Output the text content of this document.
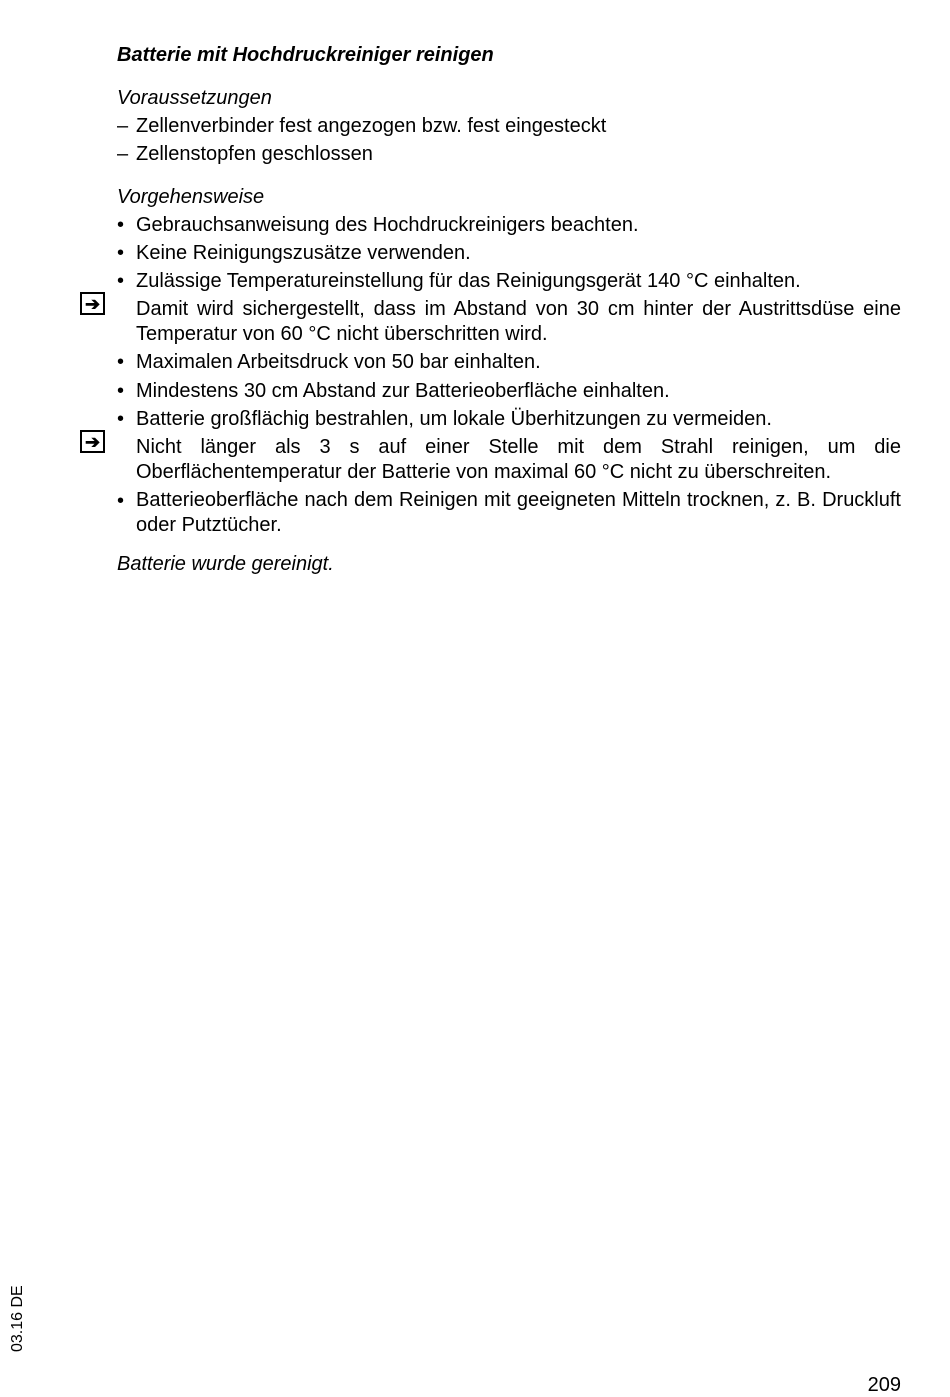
Batterie mit Hochdruckreiniger reinigen

Voraussetzungen

– Zellenverbinder fest angezogen bzw. fest eingesteckt
– Zellenstopfen geschlossen

Vorgehensweise

• Gebrauchsanweisung des Hochdruckreinigers beachten.
• Keine Reinigungszusätze verwenden.
• Zulässige Temperatureinstellung für das Reinigungsgerät 140 °C einhalten.
➔ Damit wird sichergestellt, dass im Abstand von 30 cm hinter der Austrittsdüse eine Temperatur von 60 °C nicht überschritten wird.
• Maximalen Arbeitsdruck von 50 bar einhalten.
• Mindestens 30 cm Abstand zur Batterieoberfläche einhalten.
• Batterie großflächig bestrahlen, um lokale Überhitzungen zu vermeiden.
➔ Nicht länger als 3 s auf einer Stelle mit dem Strahl reinigen, um die Oberflächentemperatur der Batterie von maximal 60 °C nicht zu überschreiten.
• Batterieoberfläche nach dem Reinigen mit geeigneten Mitteln trocknen, z. B. Druckluft oder Putztücher.

Batterie wurde gereinigt.

03.16 DE
209
